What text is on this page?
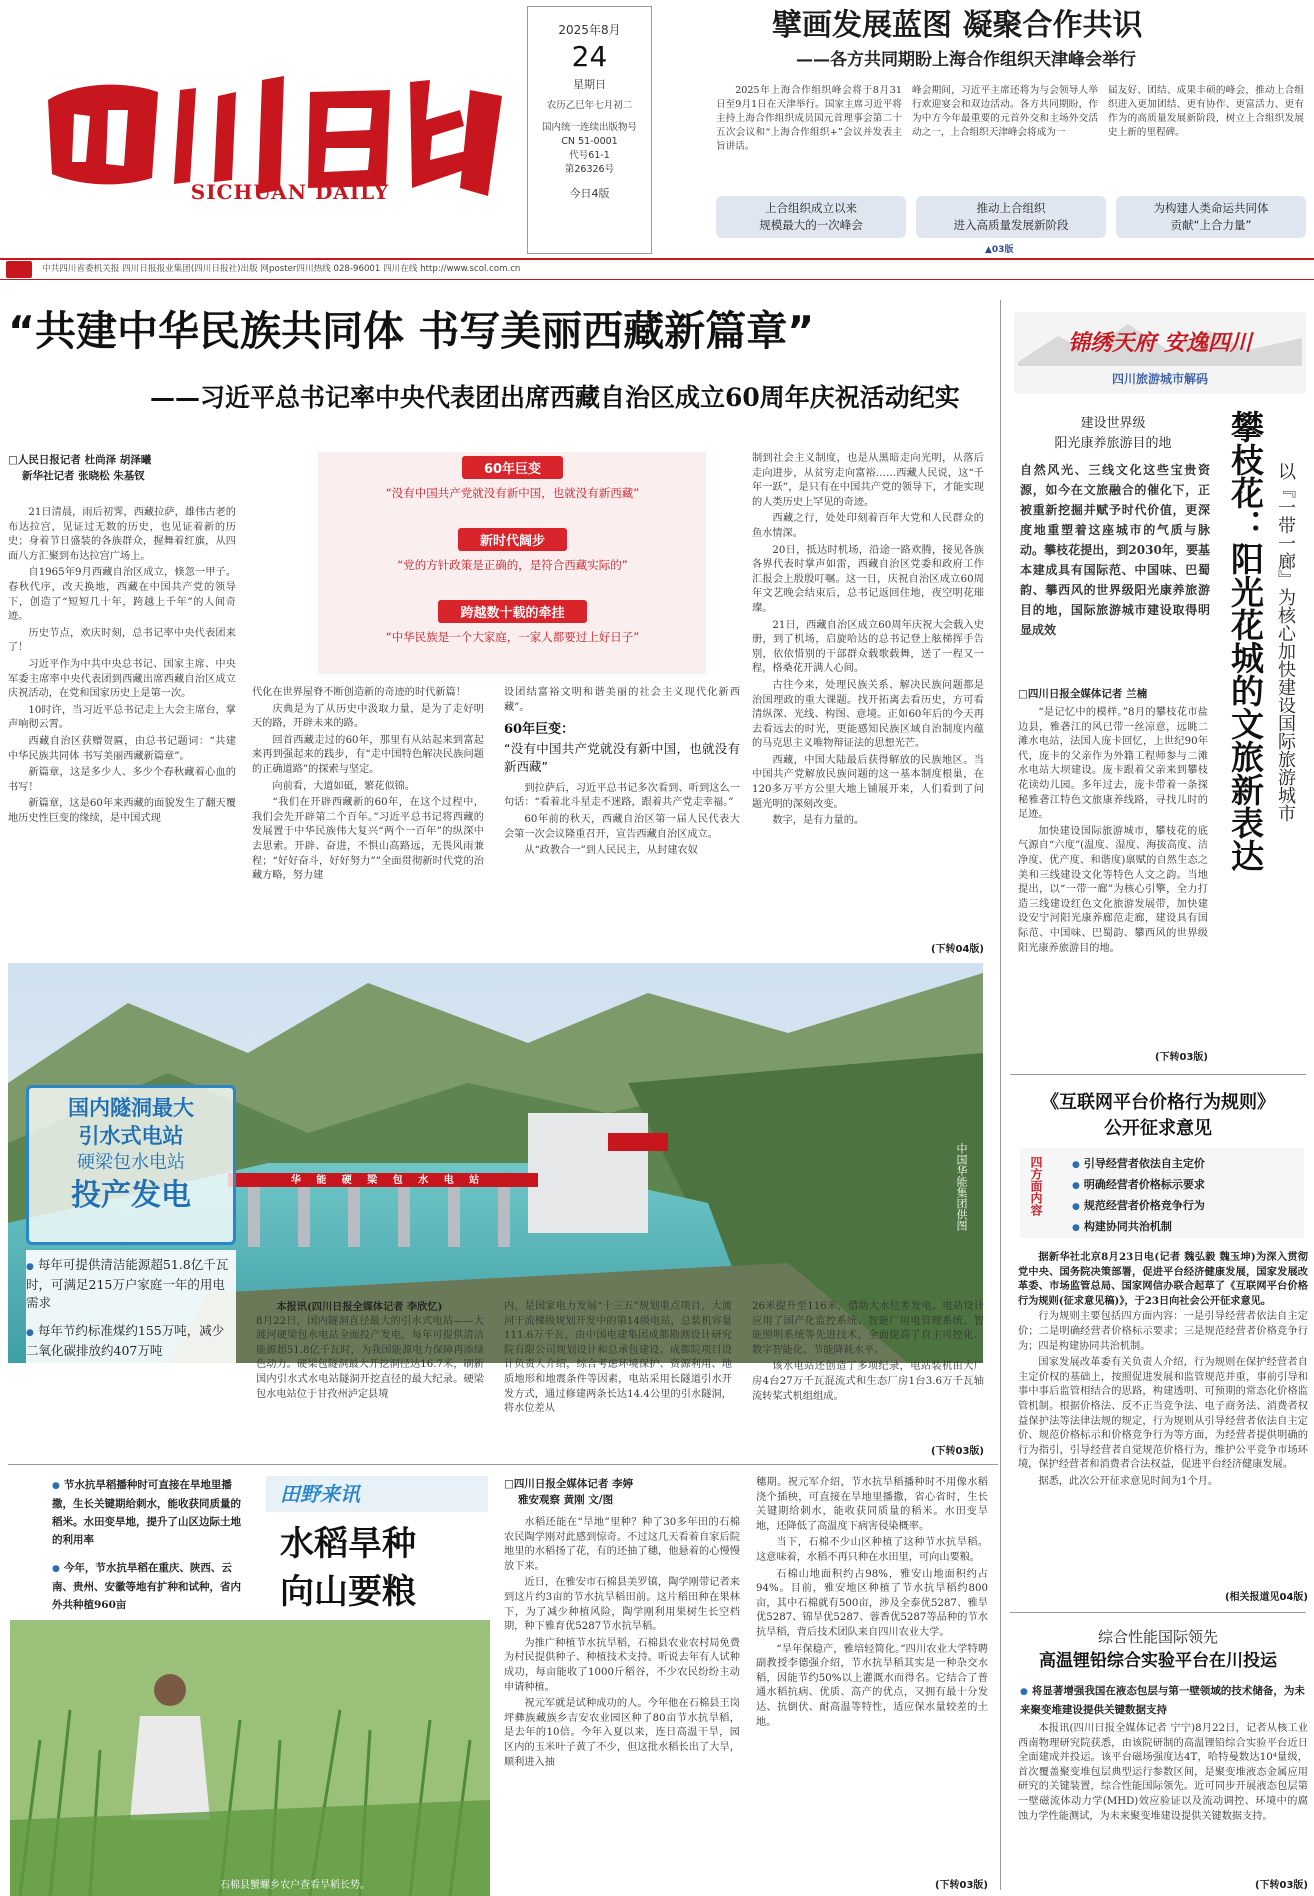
SICHUAN DAILY
2025年8月
24
星期日
农历乙巳年七月初二
国内统一连续出版物号
CN 51-0001
代号61-1
第26326号
今日4版
擘画发展蓝图 凝聚合作共识
——各方共同期盼上海合作组织天津峰会举行
2025年上海合作组织峰会将于8月31日至9月1日在天津举行。国家主席习近平将主持上海合作组织成员国元首理事会第二十五次会议和“上海合作组织+”会议并发表主旨讲话。
峰会期间，习近平主席还将为与会领导人举行欢迎宴会和双边活动。各方共同期盼，作为中方今年最重要的元首外交和主场外交活动之一，上合组织天津峰会将成为一
届友好、团结、成果丰硕的峰会，推动上合组织进入更加团结、更有协作、更富活力、更有作为的高质量发展新阶段，树立上合组织发展史上新的里程碑。
上合组织成立以来
规模最大的一次峰会
推动上合组织
进入高质量发展新阶段
为构建人类命运共同体
贡献“上合力量”
▲03版
中共四川省委机关报 四川日报报业集团(四川日报社)出版 网poster四川热线 028-96001 四川在线 http://www.scol.com.cn
“共建中华民族共同体 书写美丽西藏新篇章”
——习近平总书记率中央代表团出席西藏自治区成立60周年庆祝活动纪实
□人民日报记者 杜尚泽 胡泽曦
新华社记者 张晓松 朱基钗

21日清晨，雨后初霁，西藏拉萨，雄伟古老的布达拉宫，见证过无数的历史，也见证着新的历史；身着节日盛装的各族群众，握舞着红旗，从四面八方汇聚到布达拉宫广场上。

自1965年9月西藏自治区成立，倏忽一甲子。春秋代序，改天换地，西藏在中国共产党的领导下，创造了“短短几十年，跨越上千年”的人间奇迹。

历史节点，欢庆时刻，总书记率中央代表团来了！

习近平作为中共中央总书记、国家主席、中央军委主席率中央代表团到西藏出席西藏自治区成立庆祝活动，在党和国家历史上是第一次。

10时许，当习近平总书记走上大会主席台，掌声响彻云霄。

西藏自治区获赠贺匾，由总书记题词：“共建中华民族共同体 书写美丽西藏新篇章”。

新篇章，这是多少人、多少个春秋藏着心血的书写！

新篇章，这是60年来西藏的面貌发生了翻天覆地历史性巨变的缘续，是中国式现

60年巨变
“没有中国共产党就没有新中国，也就没有新西藏”
新时代阔步
“党的方针政策是正确的，是符合西藏实际的”
跨越数十载的牵挂
“中华民族是一个大家庭，一家人都要过上好日子”

代化在世界屋脊不断创造新的奇迹的时代新篇！

庆典是为了从历史中汲取力量，是为了走好明天的路，开辟未来的路。

回首西藏走过的60年，那里有从站起来到富起来再到强起来的践步，有“走中国特色解决民族问题的正确道路”的探索与坚定。

向前看，大道如砥，繁花似锦。

“我们在开辟西藏新的60年，在这个过程中，我们会先开辟第二个百年。”习近平总书记将西藏的发展置于中华民族伟大复兴“两个一百年”的纵深中去思索。开辟、奋进，不惧山高路远，无畏风雨兼程；“好好奋斗，好好努力””全面贯彻新时代党的治藏方略，努力建

设团结富裕文明和谐美丽的社会主义现代化新西藏”。

60年巨变：

“没有中国共产党就没有新中国，也就没有新西藏”

到拉萨后，习近平总书记多次看到、听到这么一句话：“看着北斗星走不迷路，跟着共产党走幸福。”

60年前的秋天，西藏自治区第一届人民代表大会第一次会议隆重召开，宣告西藏自治区成立。

从“政教合一”到人民民主，从封建农奴

制到社会主义制度，也是从黑暗走向光明，从落后走向进步，从贫穷走向富裕……西藏人民说，这“千年一跃”，是只有在中国共产党的领导下，才能实现的人类历史上罕见的奇迹。

西藏之行，处处印刻着百年大党和人民群众的鱼水情深。

20日，抵达时机场，沿途一路欢腾，接见各族各界代表时掌声如雷，西藏自治区党委和政府工作汇报会上殷殷叮嘱。这一日，庆祝自治区成立60周年文艺晚会结束后，总书记返回住地，夜空明花璀璨。

21日，西藏自治区成立60周年庆祝大会载入史册，到了机场，启旋哈达的总书记登上舷梯挥手告别，依依惜别的干部群众载歌载舞，送了一程又一程，格桑花开满人心间。

古往今来，处理民族关系、解决民族问题都是治国理政的重大课题。找开拓离去看历史，方可看清纵深、光线、构图、意境。正如60年后的今天再去看远去的时光，更能感知民族区域自治制度内蕴的马克思主义唯物辩证法的思想光芒。

西藏，中国大陆最后获得解放的民族地区。当中国共产党解放民族问题的这一基本制度根巢，在120多万平方公里大地上铺展开来，人们看到了问题光明的深刻改变。

数字，是有力量的。

(下转04版)
锦绣天府 安逸四川
四川旅游城市解码
建设世界级
阳光康养旅游目的地
自然风光、三线文化这些宝贵资源，如今在文旅融合的催化下，正被重新挖掘并赋予时代价值，更深度地重塑着这座城市的气质与脉动。攀枝花提出，到2030年，要基本建成具有国际范、中国味、巴蜀韵、攀西风的世界级阳光康养旅游目的地，国际旅游城市建设取得明显成效	攀枝花：阳光花城的文旅新表达 以『一带一廊』为核心加快建设国际旅游城市
□四川日报全媒体记者 兰楠

“是记忆中的模样。”8月的攀枝花市盐边县，雅砻江的风已带一丝凉意，远眺二滩水电站，法国人庞卡回忆，上世纪90年代，庞卡的父亲作为外籍工程师参与二滩水电站大坝建设。庞卡跟着父亲来到攀枝花读幼儿园。多年过去，庞卡带着一条探秘雅砻江特色文旅康养线路，寻找儿时的足迹。

加快建设国际旅游城市，攀枝花的底气源自“六度”(温度、湿度、海拔高度、洁净度、优产度、和谐度)禀赋的自然生态之美和三线建设文化等特色人文之韵。当地提出，以“一带一廊”为核心引擎，全力打造三线建设红色文化旅游发展带，加快建设安宁河阳光康养廊范走廊，建设具有国际范、中国味、巴蜀韵、攀西风的世界级阳光康养旅游目的地。

(下转03版)
《互联网平台价格行为规则》
公开征求意见
四方面内容
●	引导经营者依法自主定价
● 明确经营者价格标示要求
● 规范经营者价格竞争行为
● 构建协同共治机制

据新华社北京8月23日电(记者 魏弘毅 魏玉坤)为深入贯彻党中央、国务院决策部署，促进平台经济健康发展，国家发展改革委、市场监管总局、国家网信办联合起草了《互联网平台价格行为规则(征求意见稿)》，于23日向社会公开征求意见。

行为规则主要包括四方面内容：一是引导经营者依法自主定价；二是明确经营者价格标示要求；三是规范经营者价格竞争行为；四是构建协同共治机制。

国家发展改革委有关负责人介绍，行为规则在保护经营者自主定价权的基础上，按照促进发展和监管规范并重，事前引导和事中事后监管相结合的思路，构建透明、可预期的常态化价格监管机制。根据价格法、反不正当竞争法、电子商务法、消费者权益保护法等法律法规的规定，行为规则从引导经营者依法自主定价、规范价格标示和价格竞争行为等方面，为经营者提供明确的行为指引，引导经营者自觉规范价格行为，维护公平竞争市场环境，保护经营者和消费者合法权益，促进平台经济健康发展。

据悉，此次公开征求意见时间为1个月。

(相关报道见04版)
综合性能国际领先
高温锂铅综合实验平台在川投运
● 将显著增强我国在液态包层与第一壁领域的技术储备，为未来聚变堆建设提供关键数据支持

本报讯(四川日报全媒体记者 宁宁)8月22日，记者从核工业西南物理研究院获悉，由该院研制的高温锂铅综合实验平台近日全面建成并投运。该平台磁场强度达4T，哈特曼数达10⁴量级，首次覆盖聚变堆包层典型运行参数区间，是聚变堆液态金属应用研究的关键装置，综合性能国际领先。近可同步开展液态包层第一壁磁流体动力学(MHD)效应验证以及流动调控、环境中的腐蚀力学性能测试，为未来聚变堆建设提供关键数据支持。

(下转03版)
华 能 硬 梁 包 水 电 站	中国华能集团供图
国内隧洞最大
引水式电站
硬梁包水电站
投产发电
● 每年可提供清洁能源超51.8亿千瓦时，可满足215万户家庭一年的用电需求
● 每年节约标准煤约155万吨，减少二氧化碳排放约407万吨
本报讯(四川日报全媒体记者 李欣忆)
8月22日，国内隧洞直径最大的引水式电站——大渡河硬梁包水电站全面投产发电，每年可提供清洁能源超51.8亿千瓦时，为我国能源电力保障再添绿色动力。硬梁包隧洞最大开挖洞径达16.7米，刷新国内引水式水电站隧洞开挖直径的最大纪录。硬梁包水电站位于甘孜州泸定县境
内，是国家电力发展“十三五”规划重点项目，大渡河干流梯级规划开发中的第14级电站，总装机容量111.6万千瓦，由中国电建集团成都勘测设计研究院有限公司规划设计和总承包建设。成都院项目设计负责人介绍，综合考虑环境保护、资源利用、地质地形和地震条件等因素，电站采用长隧道引水开发方式，通过修建两条长达14.4公里的引水隧洞，将水位差从

26米提升至116米，借助大水位差发电。电站设计应用了国产化监控系统、智能厂用电管理系统、智能照明系统等先进技术，全面提高了自主可控化、数字智能化、节能降耗水平。

该水电站还创造了多项纪录，电站装机由大厂房4台27万千瓦混流式和生态厂房1台3.6万千瓦轴流转桨式机组组成。

(下转03版)
● 节水抗旱稻播种时可直接在旱地里播撒，生长关键期给刺水，能收获同质量的稻米。水田变旱地，提升了山区边际土地的利用率
● 今年，节水抗旱稻在重庆、陕西、云南、贵州、安徽等地有扩种和试种，省内外共种植960亩
田野来讯
水稻旱种
向山要粮
石棉县蟹螺乡农户查看旱稻长势。
□四川日报全媒体记者 李婷
雅安观察 黄刚 文/图

水稻还能在“旱地”里种？种了30多年田的石棉农民陶学刚对此感到惊奇。不过这几天看着自家后院地里的水稻扬了花，有的还抽了穗，他悬着的心慢慢放下来。

近日，在雅安市石棉县美罗镇，陶学刚带记者来到这片约3亩的节水抗旱稻田前。这片稻田种在果林下，为了减少种植风险，陶学刚利用果树生长空档期，种下雅育优5287节水抗旱稻。

为推广种植节水抗旱稻，石棉县农业农村局免费为村民提供种子、种植技术支持。听说去年有人试种成功，每亩能收了1000斤稻谷，不少农民纷纷主动申请种植。

祝元军就是试种成功的人。今年他在石棉县王岗坪彝族藏族乡吉安农业园区种了80亩节水抗旱稻，是去年的10倍。今年入夏以来，连日高温干旱，园区内的玉米叶子黄了不少，但这批水稻长出了大旱，顺利进入抽

穗期。祝元军介绍，节水抗旱稻播种时不用像水稻浇个插秧，可直接在旱地里播撒，省心省时，生长关键期给刺水，能收获同质量的稻米。水田变旱地，还降低了高温度下病害侵染概率。

当下，石棉不少山区种植了这种节水抗旱稻。这意味着，水稻不再只种在水田里，可向山要粮。

石棉山地面积约占98%，雅安山地面积约占94%。目前，雅安地区种植了节水抗旱稻约800亩，其中石棉就有500亩，涉及全泰优5287、雅旱优5287、锦旱优5287、蓉香优5287等品种的节水抗旱稻，背后技术团队来自四川农业大学。

“旱年保稳产，雅培轻简化。”四川农业大学特聘副教授李德强介绍，节水抗旱稻其实是一种杂交水稻，因能节约50%以上灌溉水而得名。它结合了普通水稻抗病、优质、高产的优点，又拥有最十分发达、抗倒伏、耐高温等特性，适应保水量较差的土地。

(下转03版)
